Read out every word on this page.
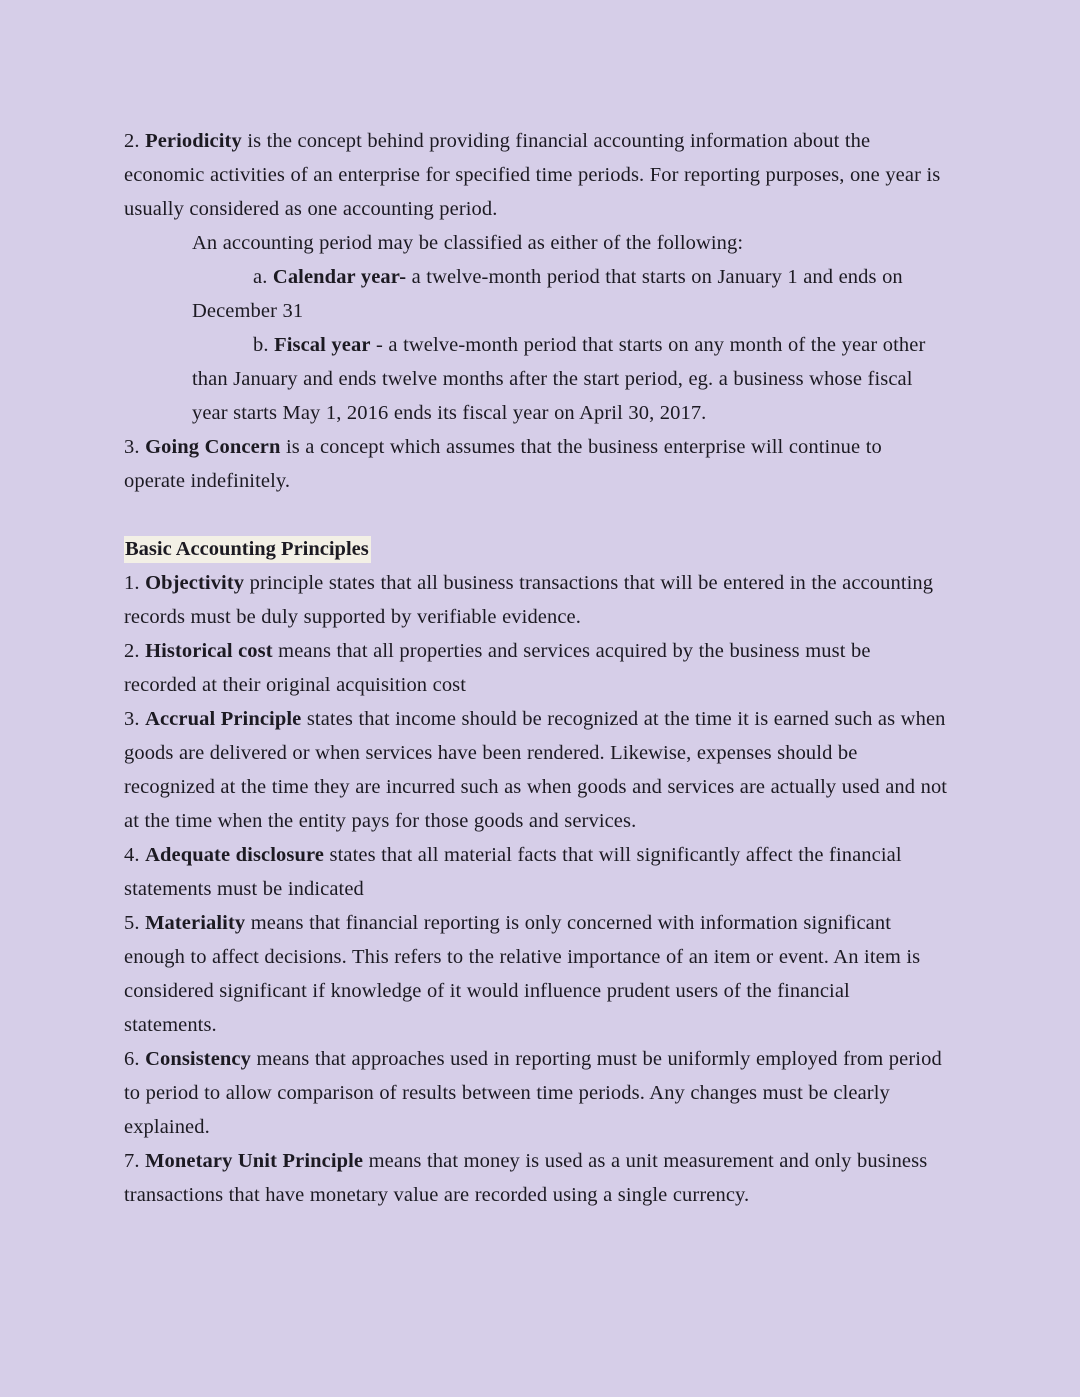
2. Periodicity is the concept behind providing financial accounting information about the economic activities of an enterprise for specified time periods. For reporting purposes, one year is usually considered as one accounting period.

An accounting period may be classified as either of the following:

a. Calendar year- a twelve-month period that starts on January 1 and ends on

December 31

b. Fiscal year - a twelve-month period that starts on any month of the year other than January and ends twelve months after the start period, eg. a business whose fiscal year starts May 1, 2016 ends its fiscal year on April 30, 2017.

3. Going Concern is a concept which assumes that the business enterprise will continue to operate indefinitely.

Basic Accounting Principles

1. Objectivity principle states that all business transactions that will be entered in the accounting records must be duly supported by verifiable evidence.

2. Historical cost means that all properties and services acquired by the business must be recorded at their original acquisition cost

3. Accrual Principle states that income should be recognized at the time it is earned such as when goods are delivered or when services have been rendered. Likewise, expenses should be recognized at the time they are incurred such as when goods and services are actually used and not at the time when the entity pays for those goods and services.

4. Adequate disclosure states that all material facts that will significantly affect the financial statements must be indicated

5. Materiality means that financial reporting is only concerned with information significant enough to affect decisions. This refers to the relative importance of an item or event. An item is considered significant if knowledge of it would influence prudent users of the financial statements.

6. Consistency means that approaches used in reporting must be uniformly employed from period to period to allow comparison of results between time periods. Any changes must be clearly explained.

7. Monetary Unit Principle means that money is used as a unit measurement and only business transactions that have monetary value are recorded using a single currency.
